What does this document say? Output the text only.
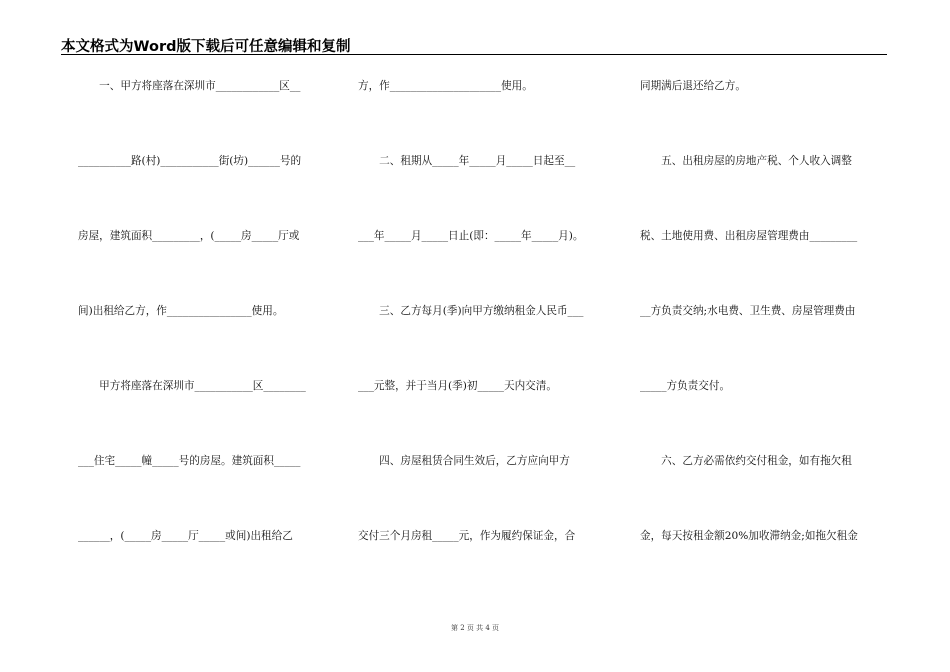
本文格式为Word版下载后可任意编辑和复制
　　一、甲方将座落在深圳市____________区__
__________路(村)___________街(坊)______号的
房屋，建筑面积_________，(_____房_____厅或
间)出租给乙方，作________________使用。
　　甲方将座落在深圳市___________区________
___住宅_____幢_____号的房屋。建筑面积_____
______，(_____房_____厅_____或间)出租给乙
方，作_____________________使用。
　　二、租期从_____年_____月_____日起至__
___年_____月_____日止(即：_____年_____月)。
　　三、乙方每月(季)向甲方缴纳租金人民币___
___元整，并于当月(季)初_____天内交清。
　　四、房屋租赁合同生效后，乙方应向甲方
交付三个月房租_____元，作为履约保证金，合
同期满后退还给乙方。
　　五、出租房屋的房地产税、个人收入调整
税、土地使用费、出租房屋管理费由_________
__方负责交纳;水电费、卫生费、房屋管理费由
_____方负责交付。
　　六、乙方必需依约交付租金，如有拖欠租
金，每天按租金额20%加收滞纳金;如拖欠租金
第 2 页 共 4 页
